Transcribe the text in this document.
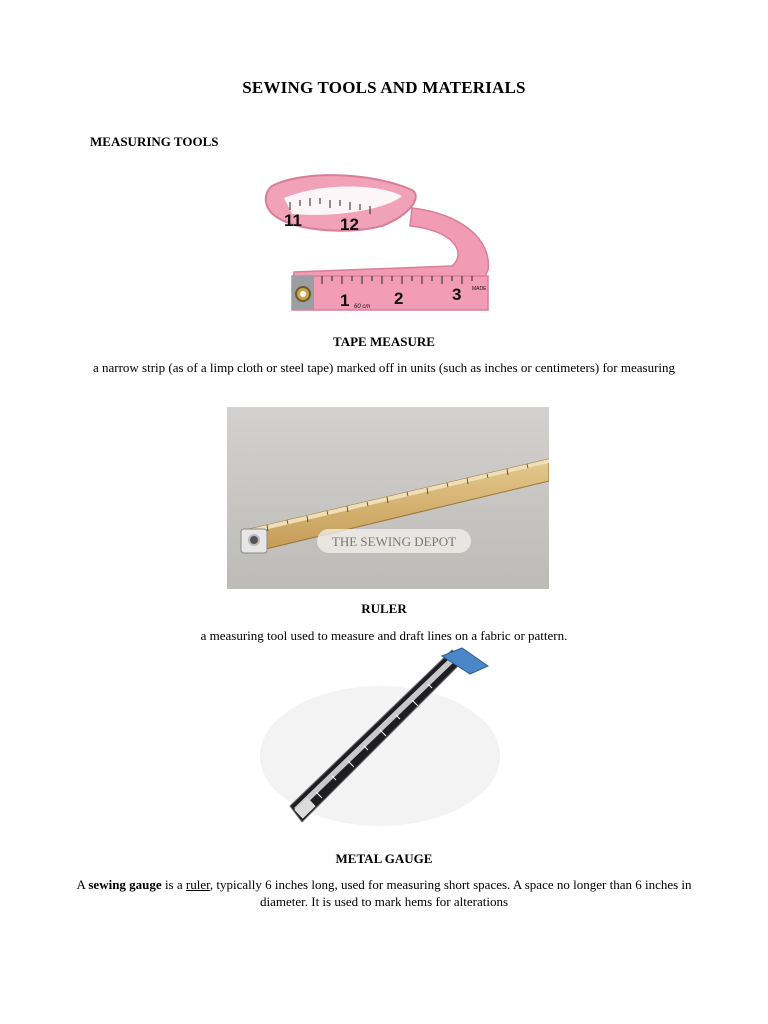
SEWING TOOLS AND MATERIALS
MEASURING TOOLS
11 12
1	2	3
60 cm
MADE
TAPE MEASURE
a narrow strip (as of a limp cloth or steel tape) marked off in units (such as inches or centimeters) for measuring
THE SEWING DEPOT
RULER
a measuring tool used to measure and draft lines on a fabric or pattern.
METAL GAUGE
A sewing gauge is a ruler, typically 6 inches long, used for measuring short spaces. A space no longer than 6 inches in diameter. It is used to mark hems for alterations
